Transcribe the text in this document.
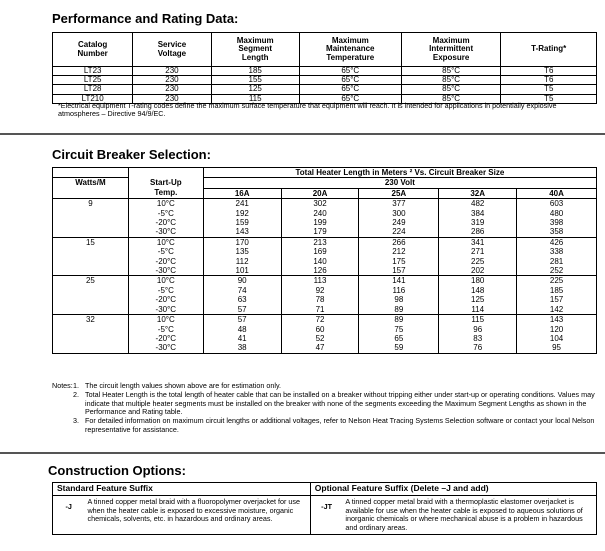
Performance and Rating Data:
Catalog
Number	Service
Voltage	Maximum
Segment
Length	Maximum
Maintenance
Temperature	Maximum
Intermittent
Exposure	T-Rating*
LT23	230	185	65°C	85°C	T6
LT25	230	155	65°C	85°C	T6
LT28	230	125	65°C	85°C	T5
LT210	230	115	65°C	85°C	T5
*Electrical equipment T-rating codes define the maximum surface temperature that equipment will reach. It is intended for applications in potentially explosive atmospheres – Directive 94/9/EC.
Circuit Breaker Selection:
		Total Heater Length in Meters ² Vs. Circuit Breaker Size				
Watts/M	Start-Up	230 Volt				
	Temp.	16A	20A	25A	32A	40A
9	10°C	241	302	377	482	603
	-5°C	192	240	300	384	480
	-20°C	159	199	249	319	398
	-30°C	143	179	224	286	358
15	10°C	170	213	266	341	426
	-5°C	135	169	212	271	338
	-20°C	112	140	175	225	281
	-30°C	101	126	157	202	252
25	10°C	90	113	141	180	225
	-5°C	74	92	116	148	185
	-20°C	63	78	98	125	157
	-30°C	57	71	89	114	142
32	10°C	57	72	89	115	143
	-5°C	48	60	75	96	120
	-20°C	41	52	65	83	104
	-30°C	38	47	59	76	95
Notes: 1. The circuit length values shown above are for estimation only.
2. Total Heater Length is the total length of heater cable that can be installed on a breaker without tripping either under start-up or operating conditions. Values may indicate that multiple heater segments must be installed on the breaker with none of the segments exceeding the Maximum Segment Lengths as shown in the Performance and Rating table.
3. For detailed information on maximum circuit lengths or additional voltages, refer to Nelson Heat Tracing Systems Selection software or contact your local Nelson representative for assistance.
Construction Options:
Standard Feature Suffix		Optional Feature Suffix (Delete –J and add)	
-J	A tinned copper metal braid with a fluoropolymer overjacket for use when the heater cable is exposed to excessive moisture, organic chemicals, solvents, etc. in hazardous and ordinary areas.	-JT	A tinned copper metal braid with a thermoplastic elastomer overjacket is available for use when the heater cable is exposed to aqueous solutions of inorganic chemicals or where mechanical abuse is a problem in hazardous and ordinary areas.
